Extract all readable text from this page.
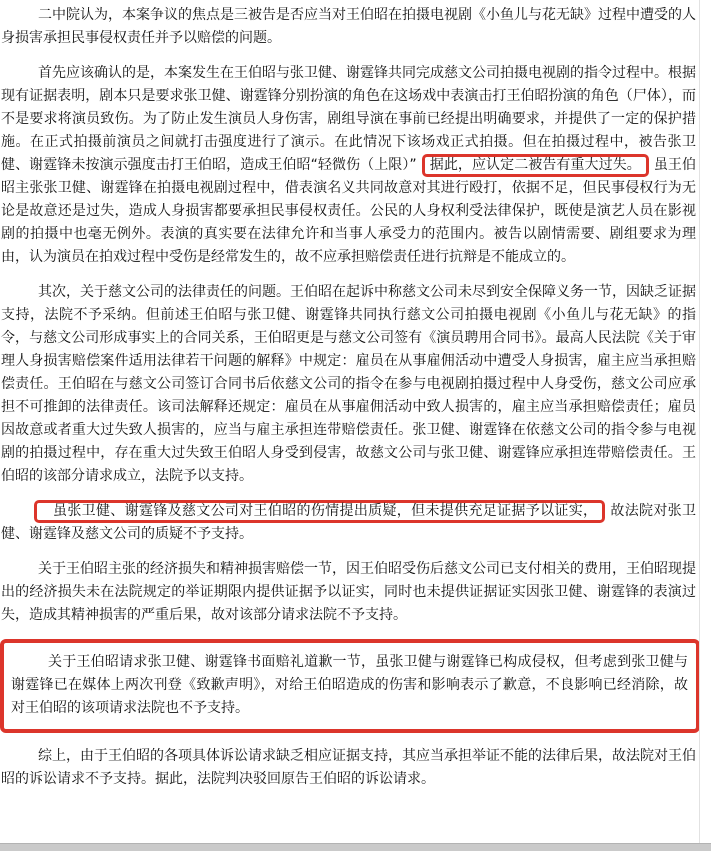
二中院认为，本案争议的焦点是三被告是否应当对王伯昭在拍摄电视剧《小鱼儿与花无缺》过程中遭受的人身损害承担民事侵权责任并予以赔偿的问题。

首先应该确认的是，本案发生在王伯昭与张卫健、谢霆锋共同完成慈文公司拍摄电视剧的指令过程中。根据现有证据表明，剧本只是要求张卫健、谢霆锋分别扮演的角色在这场戏中表演击打王伯昭扮演的角色（尸体），而不是要求将演员致伤。为了防止发生演员人身伤害，剧组导演在事前已经提出明确要求，并提供了一定的保护措施。在正式拍摄前演员之间就打击强度进行了演示。在此情况下该场戏正式拍摄。但在拍摄过程中，被告张卫健、谢霆锋未按演示强度击打王伯昭，造成王伯昭“轻微伤（上限）” 据此，应认定二被告有重大过失。 虽王伯昭主张张卫健、谢霆锋在拍摄电视剧过程中，借表演名义共同故意对其进行殴打，依据不足，但民事侵权行为无论是故意还是过失，造成人身损害都要承担民事侵权责任。公民的人身权利受法律保护，既使是演艺人员在影视剧的拍摄中也毫无例外。表演的真实要在法律允许和当事人承受力的范围内。被告以剧情需要、剧组要求为理由，认为演员在拍戏过程中受伤是经常发生的，故不应承担赔偿责任进行抗辩是不能成立的。

其次，关于慈文公司的法律责任的问题。王伯昭在起诉中称慈文公司未尽到安全保障义务一节，因缺乏证据支持，法院不予采纳。但前述王伯昭与张卫健、谢霆锋共同执行慈文公司拍摄电视剧《小鱼儿与花无缺》的指令，与慈文公司形成事实上的合同关系，王伯昭更是与慈文公司签有《演员聘用合同书》。最高人民法院《关于审理人身损害赔偿案件适用法律若干问题的解释》中规定：雇员在从事雇佣活动中遭受人身损害，雇主应当承担赔偿责任。王伯昭在与慈文公司签订合同书后依慈文公司的指令在参与电视剧拍摄过程中人身受伤，慈文公司应承担不可推卸的法律责任。该司法解释还规定：雇员在从事雇佣活动中致人损害的，雇主应当承担赔偿责任；雇员因故意或者重大过失致人损害的，应当与雇主承担连带赔偿责任。张卫健、谢霆锋在依慈文公司的指令参与电视剧的拍摄过程中，存在重大过失致王伯昭人身受到侵害，故慈文公司与张卫健、谢霆锋应承担连带赔偿责任。王伯昭的该部分请求成立，法院予以支持。

虽张卫健、谢霆锋及慈文公司对王伯昭的伤情提出质疑，但未提供充足证据予以证实， 故法院对张卫健、谢霆锋及慈文公司的质疑不予支持。

关于王伯昭主张的经济损失和精神损害赔偿一节，因王伯昭受伤后慈文公司已支付相关的费用，王伯昭现提出的经济损失未在法院规定的举证期限内提供证据予以证实，同时也未提供证据证实因张卫健、谢霆锋的表演过失，造成其精神损害的严重后果，故对该部分请求法院不予支持。

关于王伯昭请求张卫健、谢霆锋书面赔礼道歉一节，虽张卫健与谢霆锋已构成侵权，但考虑到张卫健与谢霆锋已在媒体上两次刊登《致歉声明》，对给王伯昭造成的伤害和影响表示了歉意，不良影响已经消除，故对王伯昭的该项请求法院也不予支持。

综上，由于王伯昭的各项具体诉讼请求缺乏相应证据支持，其应当承担举证不能的法律后果，故法院对王伯昭的诉讼请求不予支持。据此，法院判决驳回原告王伯昭的诉讼请求。
